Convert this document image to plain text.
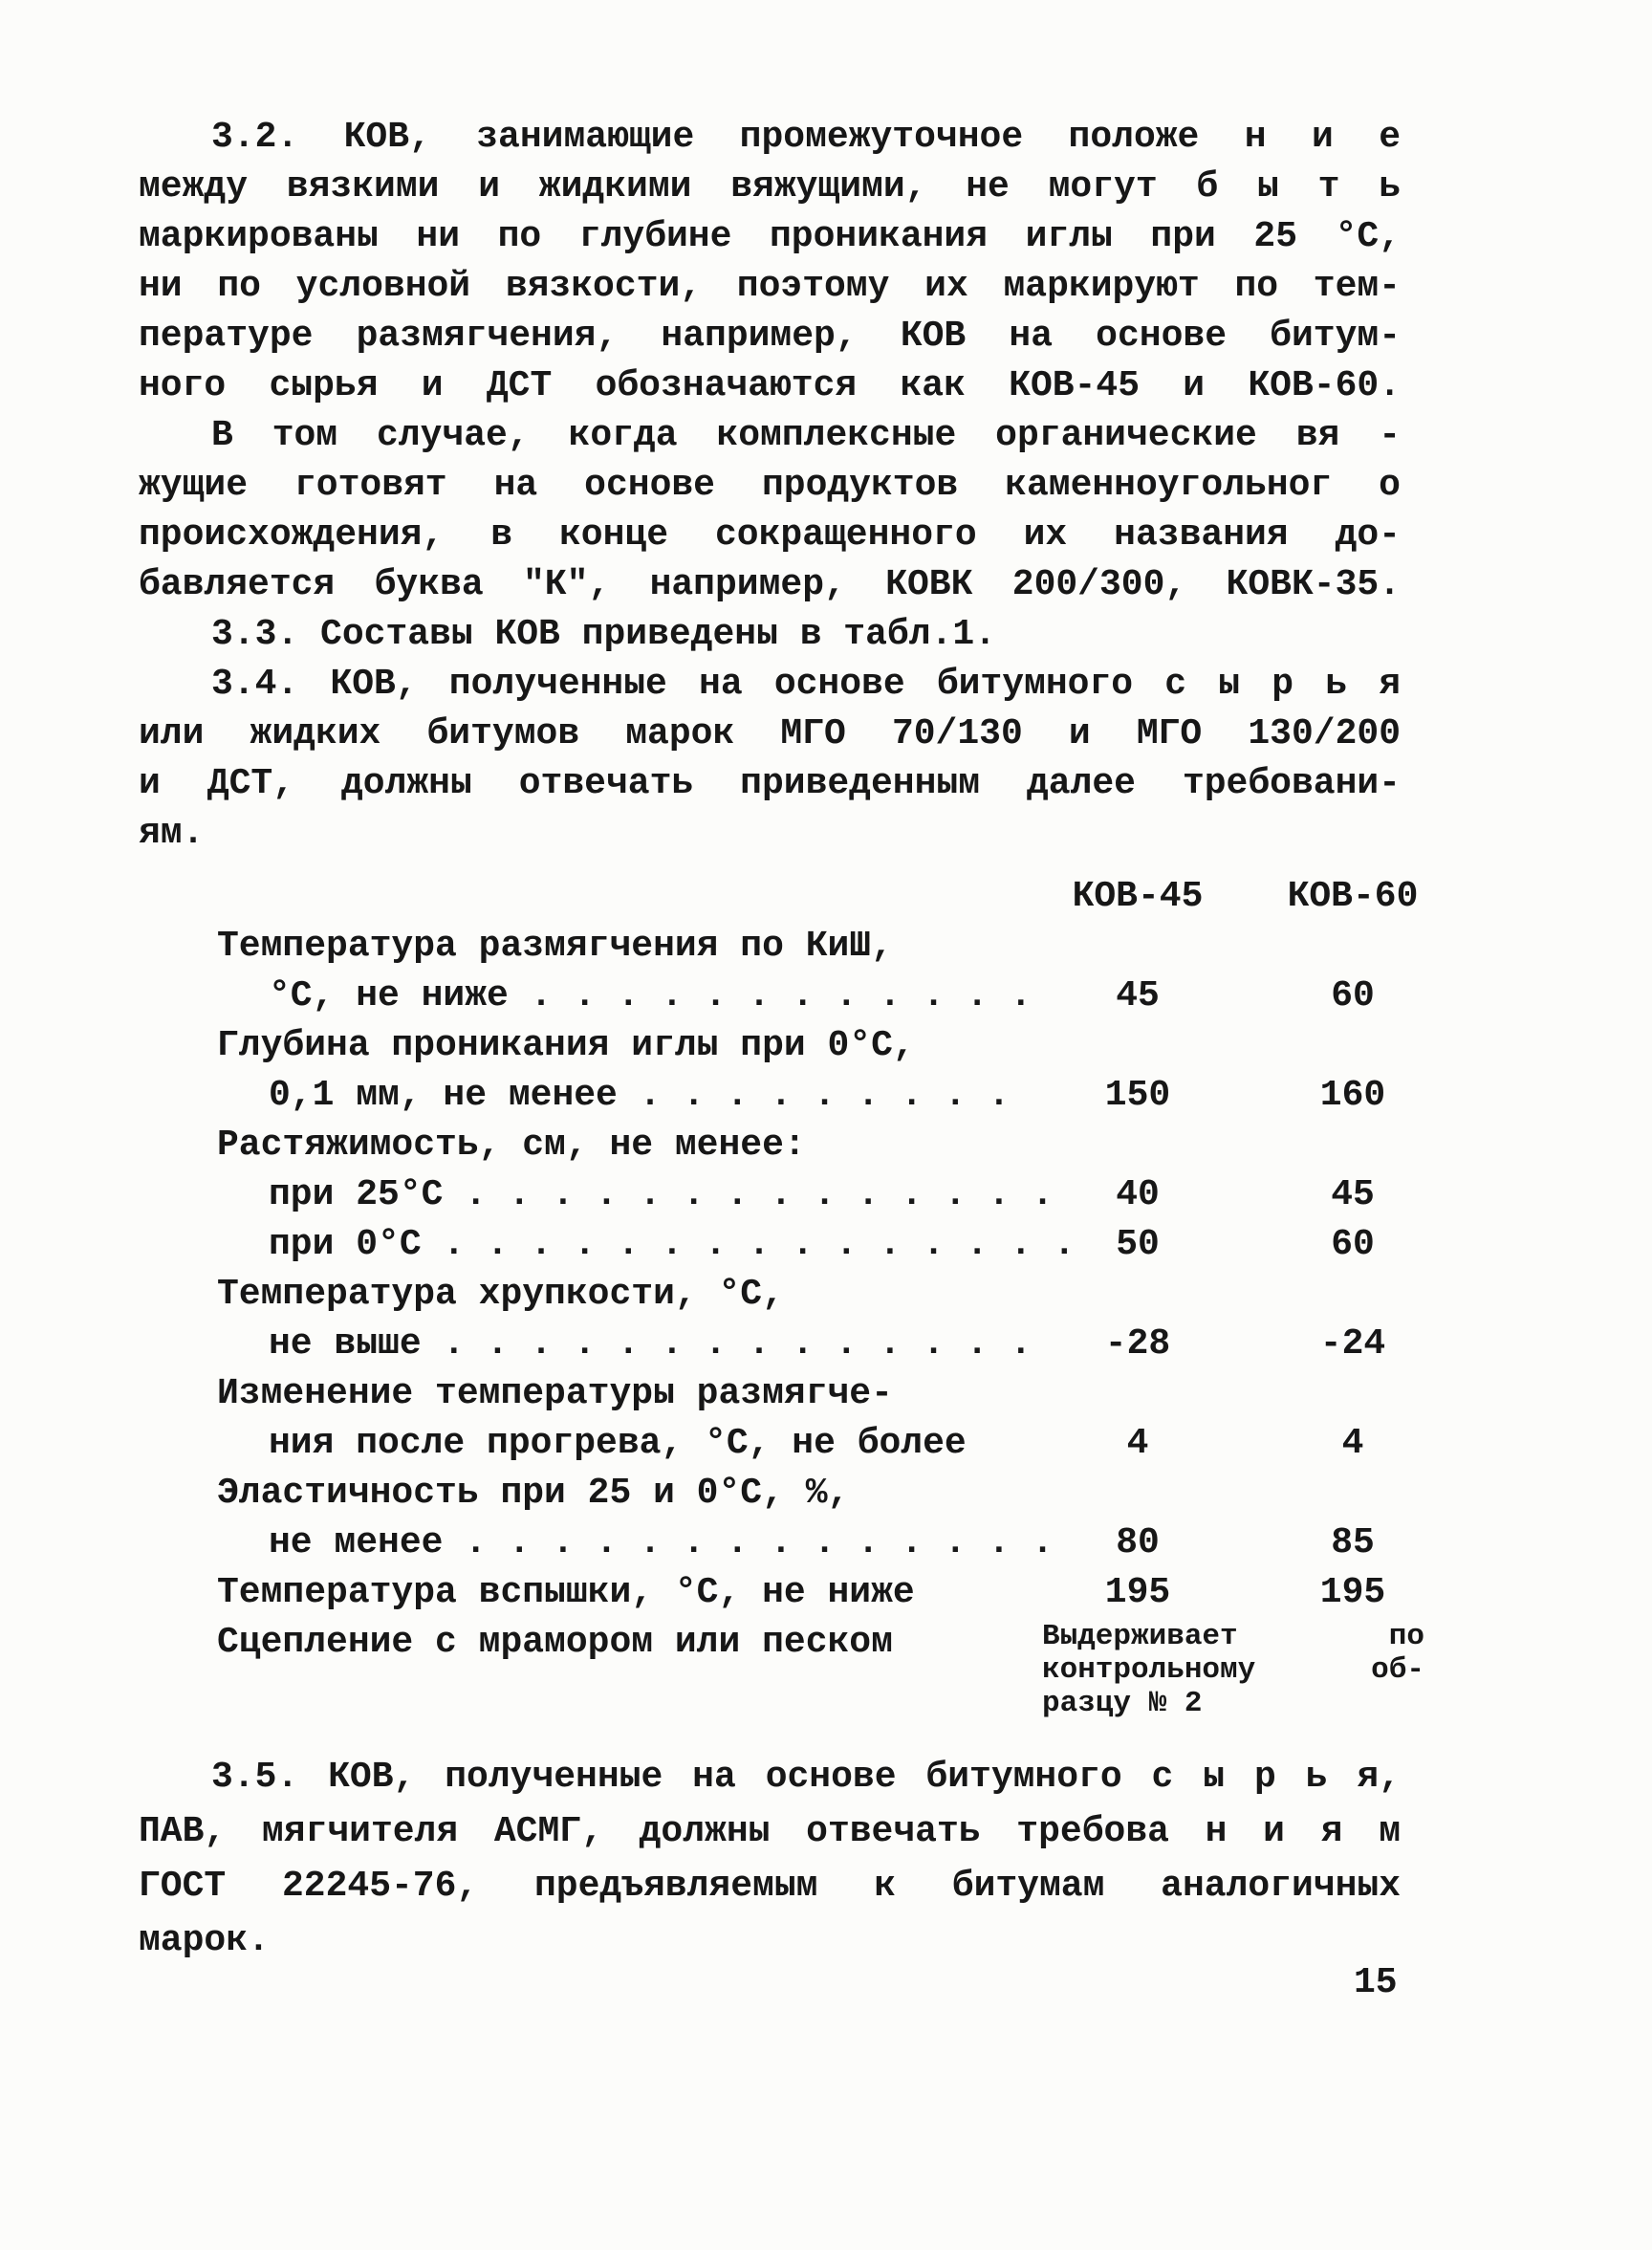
3.2. КОВ, занимающие промежуточное положе н и е
между вязкими и жидкими вяжущими, не могут б ы т ь
маркированы ни по глубине проникания иглы при 25 °С,
ни по условной вязкости, поэтому их маркируют по тем-
пературе размягчения, например, КОВ на основе битум-
ного сырья и ДСТ обозначаются как КОВ-45 и КОВ-60.
В том случае, когда комплексные органические вя -
жущие готовят на основе продуктов каменноугольног о
происхождения, в конце сокращенного их названия до-
бавляется буква "К", например, КОВК 200/300, КОВК-35.
3.3. Составы КОВ приведены в табл.1.
3.4. КОВ, полученные на основе битумного с ы р ь я
или жидких битумов марок МГО 70/130 и МГО 130/200
и ДСТ, должны отвечать приведенным далее требовани-
ям.
КОВ-45 КОВ-60
Температура размягчения по КиШ,
°С, не ниже . . . . . . . . . . . .	45	60
Глубина проникания иглы при 0°С,
0,1 мм, не менее . . . . . . . . .	150	160
Растяжимость, см, не менее:
при 25°С . . . . . . . . . . . . . .	40	45
при 0°С . . . . . . . . . . . . . . .	50	60
Температура хрупкости, °С,
не выше . . . . . . . . . . . . . .	-28	-24
Изменение температуры размягче-
ния после прогрева, °С, не более	4	4
Эластичность при 25 и 0°С, %,
не менее . . . . . . . . . . . . . .	80	85
Температура вспышки, °С, не ниже	195	195
Сцепление с мрамором или песком	Выдерживает по
контрольному об-
разцу № 2
3.5. КОВ, полученные на основе битумного с ы р ь я,
ПАВ, мягчителя АСМГ, должны отвечать требова н и я м
ГОСТ 22245-76, предъявляемым к битумам аналогичных
марок.
15
